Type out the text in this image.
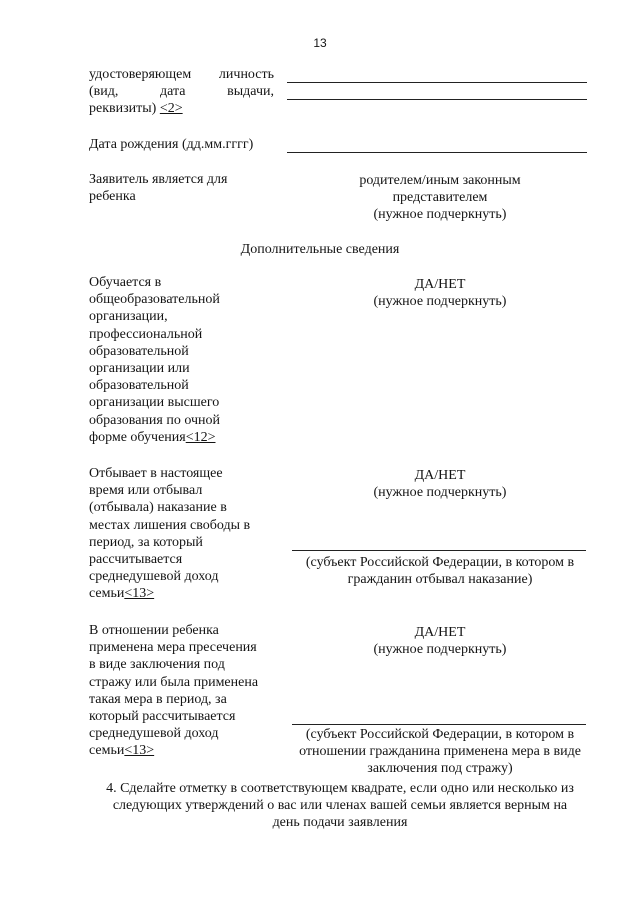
13
удостоверяющем личность
(вид,	дата	выдачи,
реквизиты) <2>
Дата рождения (дд.мм.гггг)
Заявитель является для
ребенка
родителем/иным законным
представителем
(нужное подчеркнуть)
Дополнительные сведения
Обучается в
общеобразовательной
организации,
профессиональной
образовательной
организации или
образовательной
организации высшего
образования по очной
форме обучения<12>
ДА/НЕТ
(нужное подчеркнуть)
Отбывает в настоящее
время или отбывал
(отбывала) наказание в
местах лишения свободы в
период, за который
рассчитывается
среднедушевой доход
семьи<13>
ДА/НЕТ
(нужное подчеркнуть)
(субъект Российской Федерации, в котором в
гражданин отбывал наказание)
В отношении ребенка
применена мера пресечения
в виде заключения под
стражу или была применена
такая мера в период, за
который рассчитывается
среднедушевой доход
семьи<13>
ДА/НЕТ
(нужное подчеркнуть)
(субъект Российской Федерации, в котором в
отношении гражданина применена мера в виде
заключения под стражу)
4. Сделайте отметку в соответствующем квадрате, если одно или несколько из
следующих утверждений о вас или членах вашей семьи является верным на
день подачи заявления
